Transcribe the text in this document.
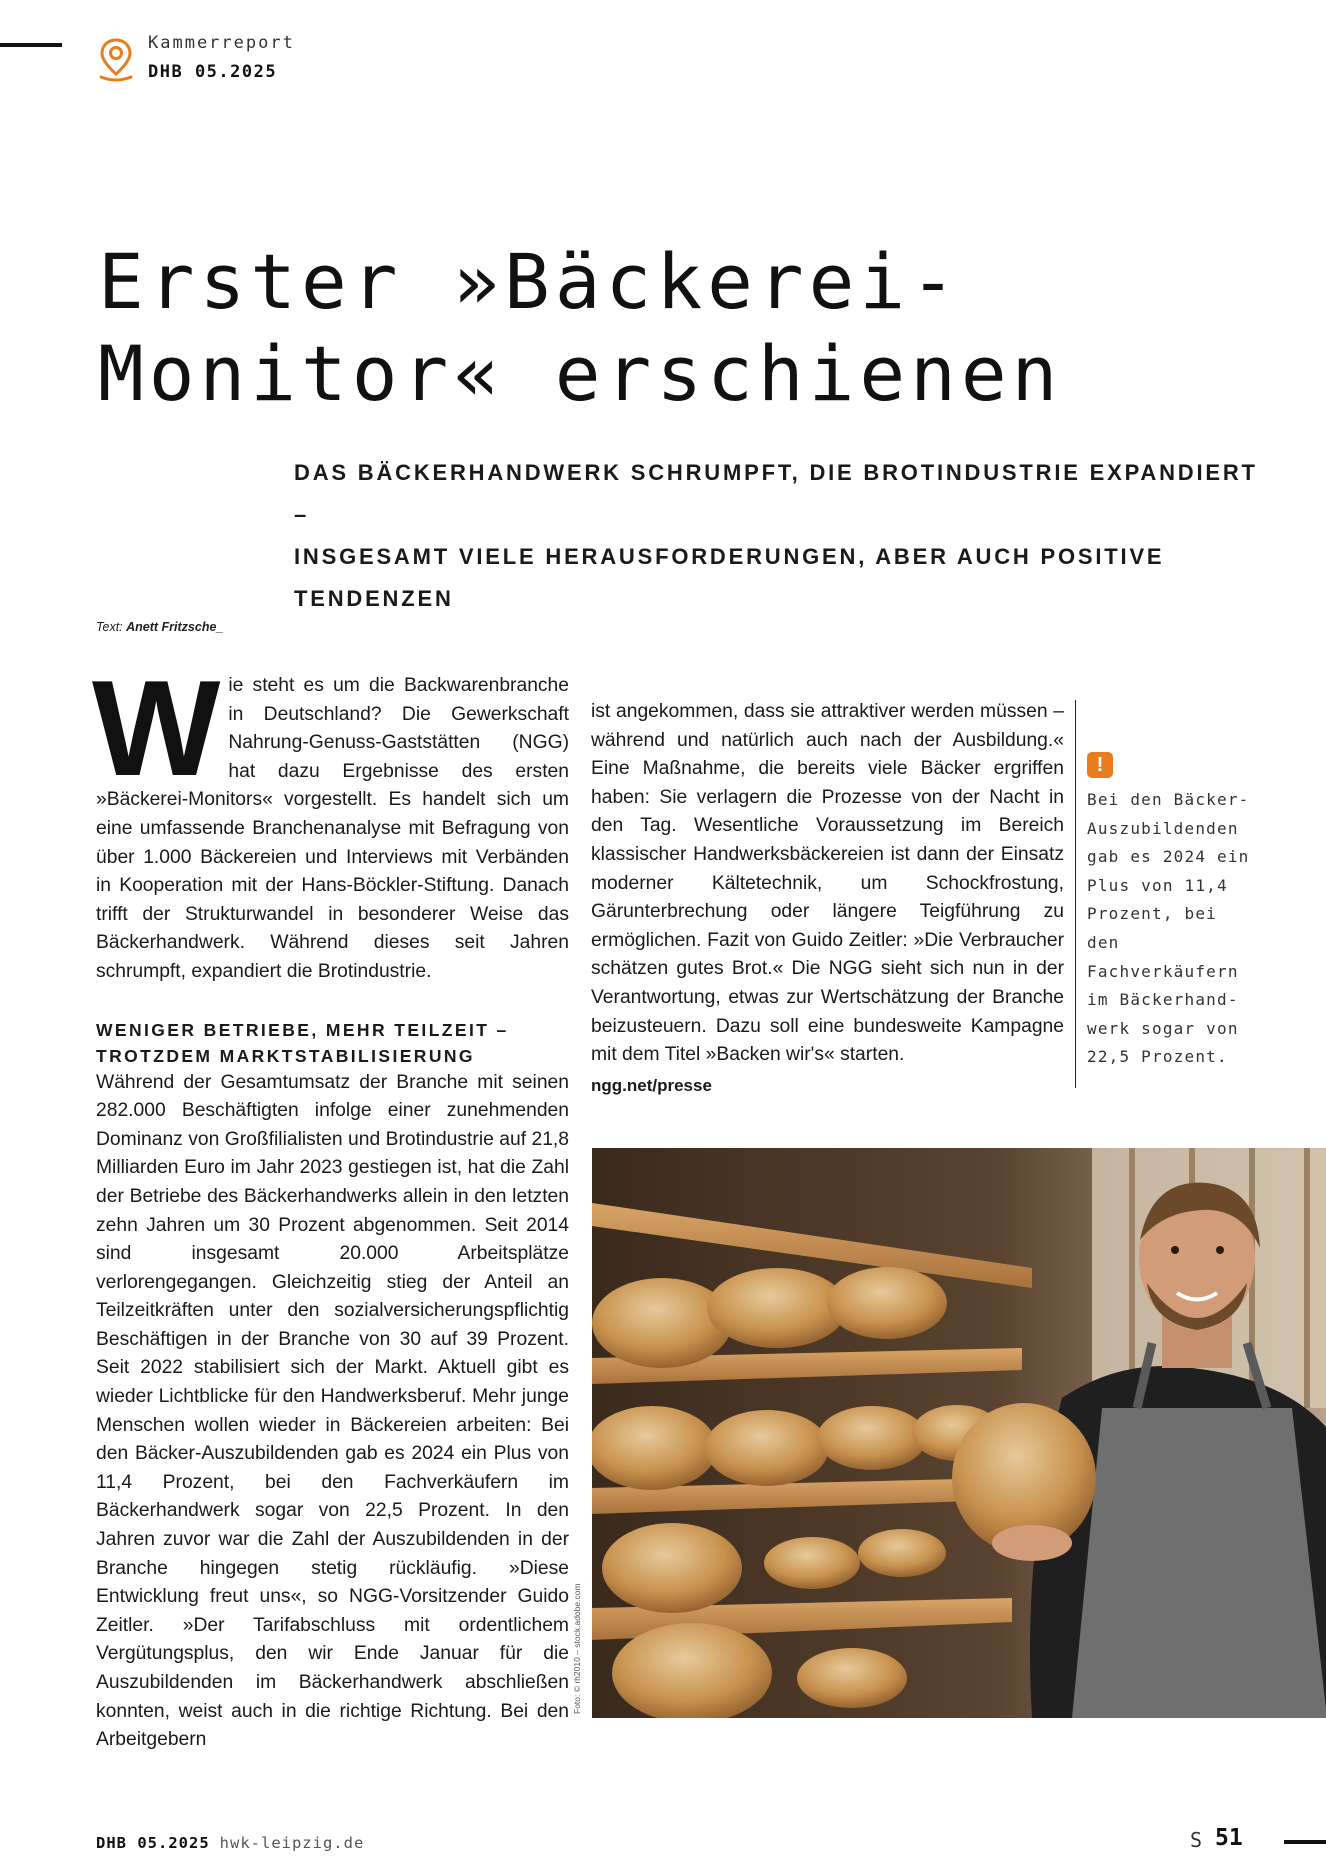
Kammerreport
DHB 05.2025
Erster »Bäckerei-
Monitor« erschienen
DAS BÄCKERHANDWERK SCHRUMPFT, DIE BROTINDUSTRIE EXPANDIERT –
INSGESAMT VIELE HERAUSFORDERUNGEN, ABER AUCH POSITIVE TENDENZEN
Text: Anett Fritzsche_
W ie steht es um die Backwarenbranche in Deutschland? Die Gewerkschaft Nahrung-Genuss-Gaststätten (NGG) hat dazu Ergebnisse des ersten »Bäckerei-Monitors« vorgestellt. Es handelt sich um eine umfassende Branchenanalyse mit Befragung von über 1.000 Bäckereien und Interviews mit Verbänden in Kooperation mit der Hans-Böckler-Stiftung. Danach trifft der Strukturwandel in besonderer Weise das Bäckerhandwerk. Während dieses seit Jahren schrumpft, expandiert die Brotindustrie.

WENIGER BETRIEBE, MEHR TEILZEIT –
TROTZDEM MARKTSTABILISIERUNG

Während der Gesamtumsatz der Branche mit seinen 282.000 Beschäftigten infolge einer zunehmenden Dominanz von Großfilialisten und Brotindustrie auf 21,8 Milliarden Euro im Jahr 2023 gestiegen ist, hat die Zahl der Betriebe des Bäckerhandwerks allein in den letzten zehn Jahren um 30 Prozent abgenommen. Seit 2014 sind insgesamt 20.000 Arbeitsplätze verlorengegangen. Gleichzeitig stieg der Anteil an Teilzeitkräften unter den sozialversicherungspflichtig Beschäftigen in der Branche von 30 auf 39 Prozent. Seit 2022 stabilisiert sich der Markt. Aktuell gibt es wieder Lichtblicke für den Handwerksberuf. Mehr junge Menschen wollen wieder in Bäckereien arbeiten: Bei den Bäcker-Auszubildenden gab es 2024 ein Plus von 11,4 Prozent, bei den Fachverkäufern im Bäckerhandwerk sogar von 22,5 Prozent. In den Jahren zuvor war die Zahl der Auszubildenden in der Branche hingegen stetig rückläufig. »Diese Entwicklung freut uns«, so NGG-Vorsitzender Guido Zeitler. »Der Tarifabschluss mit ordentlichem Vergütungsplus, den wir Ende Januar für die Auszubildenden im Bäckerhandwerk abschließen konnten, weist auch in die richtige Richtung. Bei den Arbeitgebern

ist angekommen, dass sie attraktiver werden müssen – während und natürlich auch nach der Ausbildung.« Eine Maßnahme, die bereits viele Bäcker ergriffen haben: Sie verlagern die Prozesse von der Nacht in den Tag. Wesentliche Voraussetzung im Bereich klassischer Handwerksbäckereien ist dann der Einsatz moderner Kältetechnik, um Schockfrostung, Gärunterbrechung oder längere Teigführung zu ermöglichen. Fazit von Guido Zeitler: »Die Verbraucher schätzen gutes Brot.« Die NGG sieht sich nun in der Verantwortung, etwas zur Wertschätzung der Branche beizusteuern. Dazu soll eine bundesweite Kampagne mit dem Titel »Backen wir's« starten.

ngg.net/presse

!

Bei den Bäcker-Auszubildenden gab es 2024 ein Plus von 11,4 Prozent, bei den Fachverkäufern im Bäckerhand-werk sogar von 22,5 Prozent.

Foto: © rh2010 – stock.adobe.com
DHB 05.2025 hwk-leipzig.de	S 51
